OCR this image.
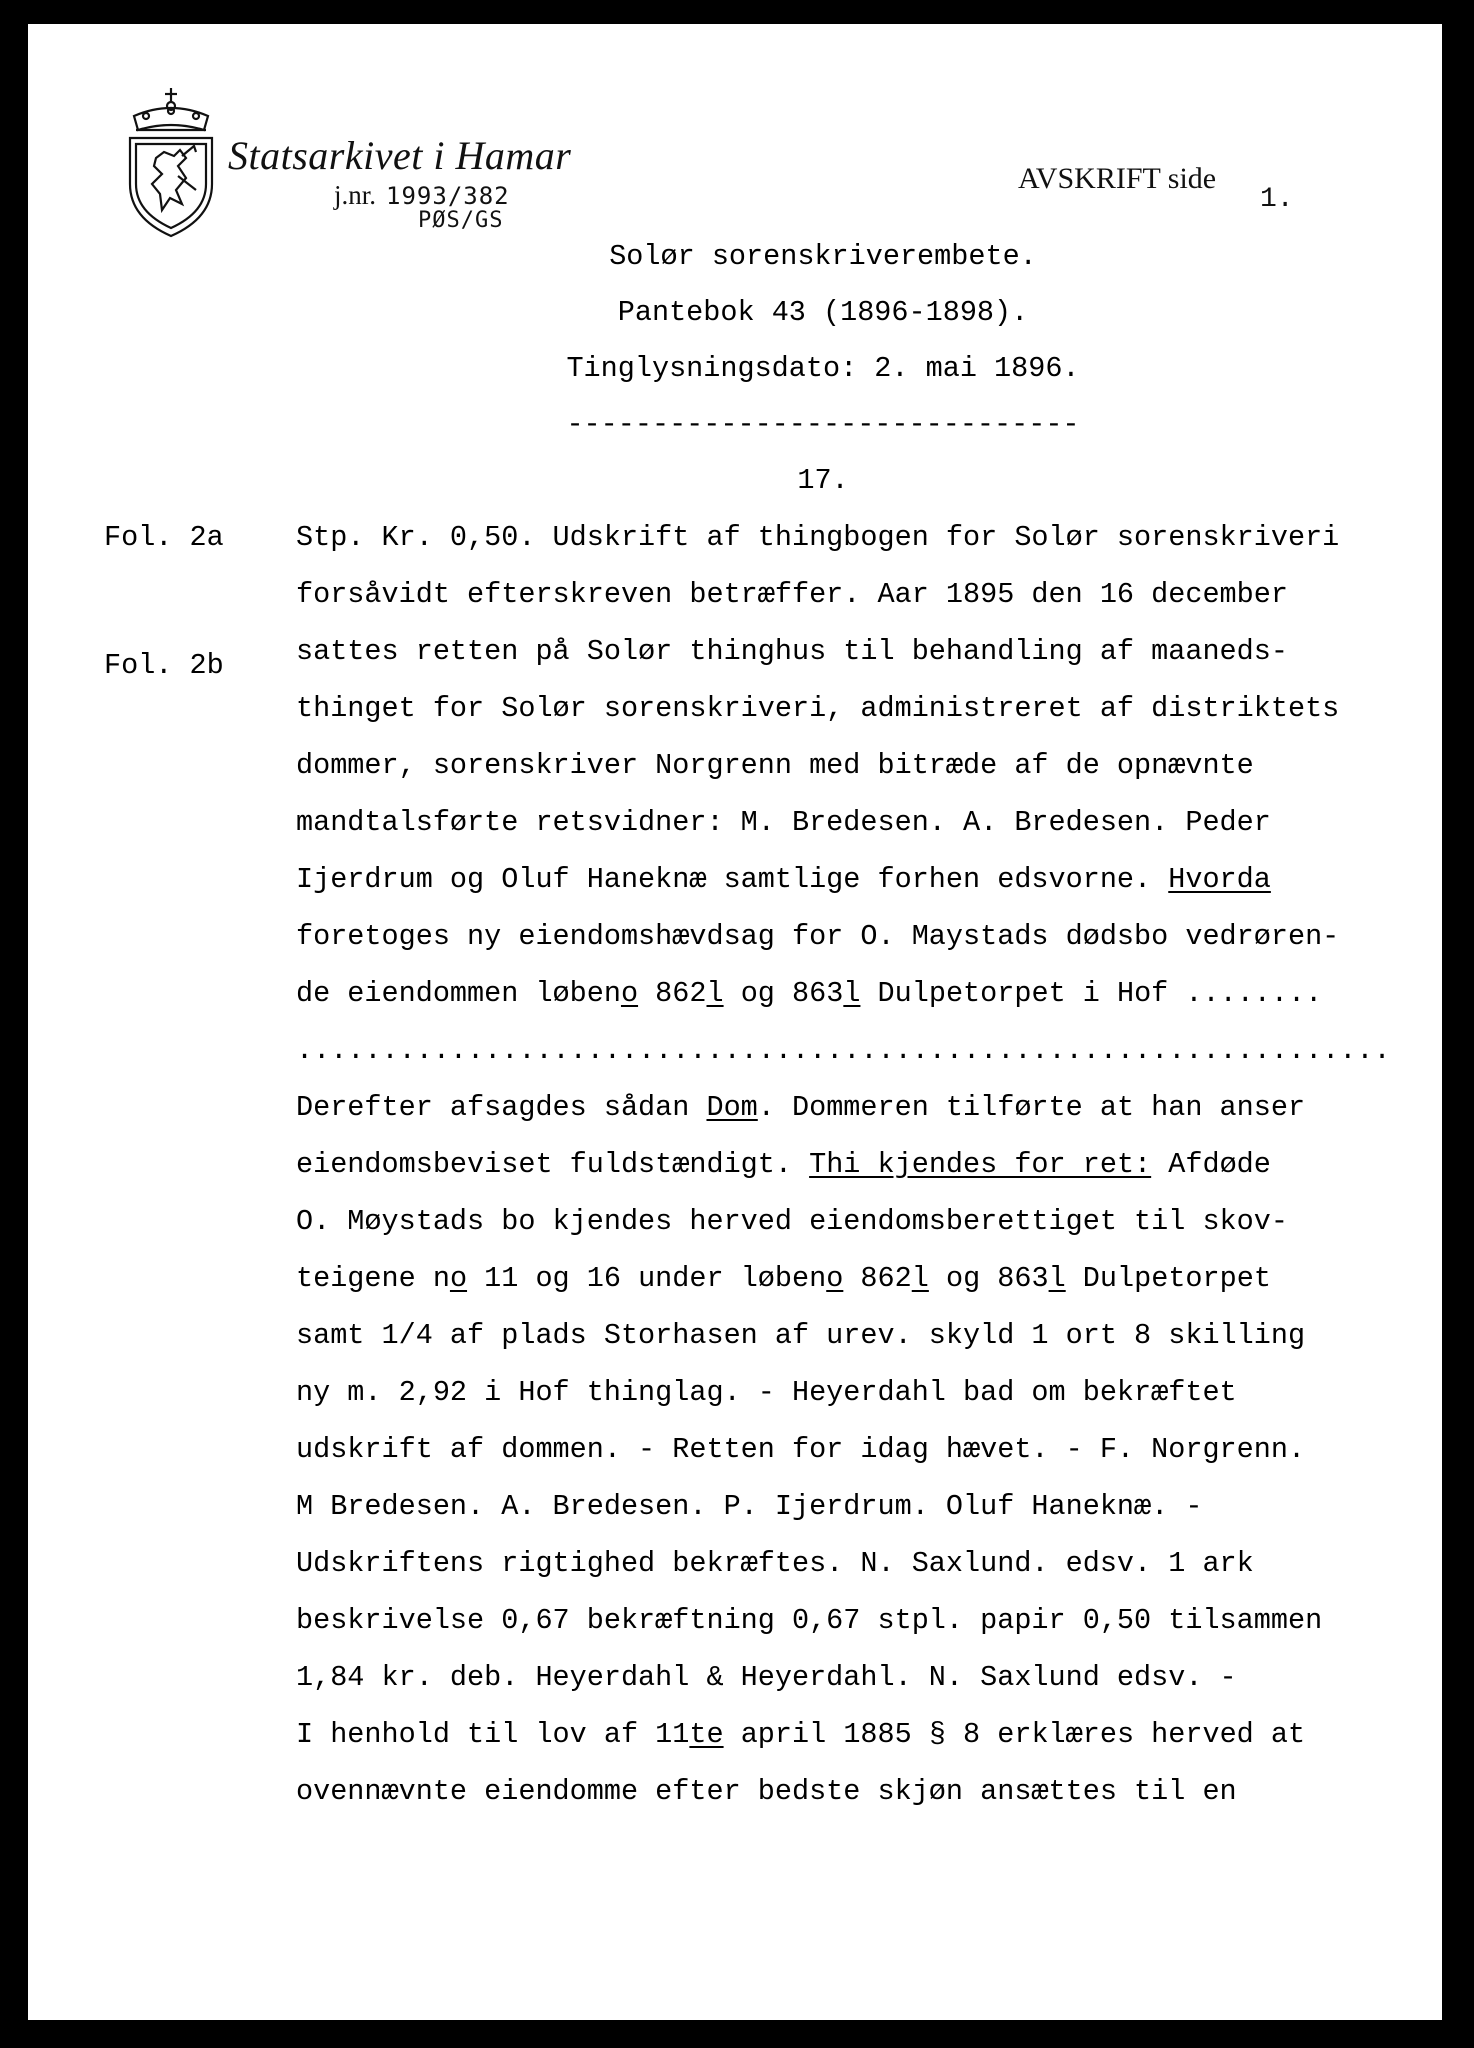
Statsarkivet i Hamar
j.nr. 1993/382
PØS/GS
AVSKRIFT side
1.
Solør sorenskriverembete.
Pantebok 43 (1896-1898).
Tinglysningsdato: 2. mai 1896.
------------------------------
17.
Fol. 2a
Fol. 2b
Stp. Kr. 0,50. Udskrift af thingbogen for Solør sorenskriveri
forsåvidt efterskreven betræffer. Aar 1895 den 16 december
sattes retten på Solør thinghus til behandling af maaneds-
thinget for Solør sorenskriveri, administreret af distriktets
dommer, sorenskriver Norgrenn med bitræde af de opnævnte
mandtalsførte retsvidner: M. Bredesen. A. Bredesen. Peder
Ijerdrum og Oluf Haneknæ samtlige forhen edsvorne. Hvorda
foretoges ny eiendomshævdsag for O. Maystads dødsbo vedrøren-
de eiendommen løbeno 862l og 863l Dulpetorpet i Hof ........
................................................................
Derefter afsagdes sådan Dom. Dommeren tilførte at han anser
eiendomsbeviset fuldstændigt. Thi kjendes for ret: Afdøde
O. Møystads bo kjendes herved eiendomsberettiget til skov-
teigene no 11 og 16 under løbeno 862l og 863l Dulpetorpet
samt 1/4 af plads Storhasen af urev. skyld 1 ort 8 skilling
ny m. 2,92 i Hof thinglag. - Heyerdahl bad om bekræftet
udskrift af dommen. - Retten for idag hævet. - F. Norgrenn.
M Bredesen. A. Bredesen. P. Ijerdrum. Oluf Haneknæ. -
Udskriftens rigtighed bekræftes. N. Saxlund. edsv. 1 ark
beskrivelse 0,67 bekræftning 0,67 stpl. papir 0,50 tilsammen
1,84 kr. deb. Heyerdahl & Heyerdahl. N. Saxlund edsv. -
I henhold til lov af 11te april 1885 § 8 erklæres herved at
ovennævnte eiendomme efter bedste skjøn ansættes til en
